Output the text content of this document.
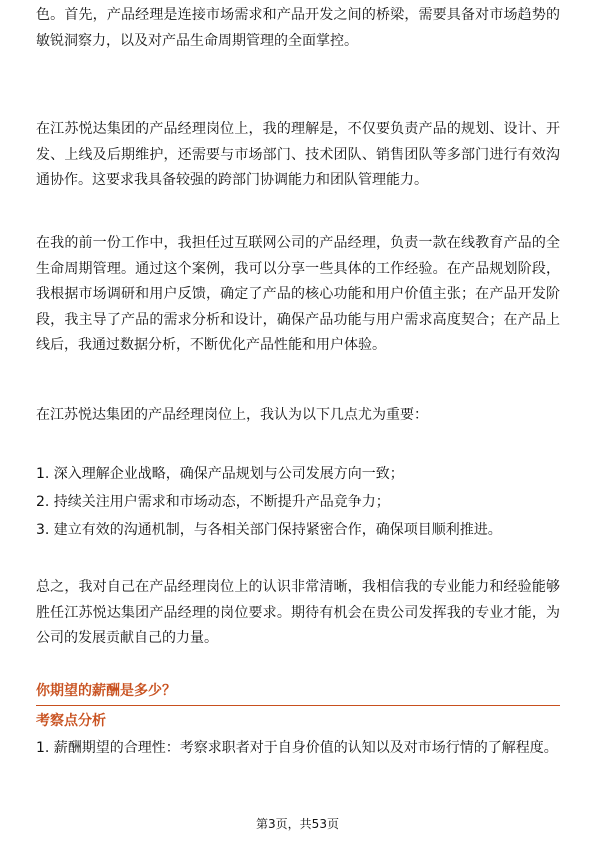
色。首先，产品经理是连接市场需求和产品开发之间的桥梁，需要具备对市场趋势的敏锐洞察力，以及对产品生命周期管理的全面掌控。

在江苏悦达集团的产品经理岗位上，我的理解是，不仅要负责产品的规划、设计、开发、上线及后期维护，还需要与市场部门、技术团队、销售团队等多部门进行有效沟通协作。这要求我具备较强的跨部门协调能力和团队管理能力。

在我的前一份工作中，我担任过互联网公司的产品经理，负责一款在线教育产品的全生命周期管理。通过这个案例，我可以分享一些具体的工作经验。在产品规划阶段，我根据市场调研和用户反馈，确定了产品的核心功能和用户价值主张；在产品开发阶段，我主导了产品的需求分析和设计，确保产品功能与用户需求高度契合；在产品上线后，我通过数据分析，不断优化产品性能和用户体验。

在江苏悦达集团的产品经理岗位上，我认为以下几点尤为重要：

1. 深入理解企业战略，确保产品规划与公司发展方向一致；
2. 持续关注用户需求和市场动态，不断提升产品竞争力；
3. 建立有效的沟通机制，与各相关部门保持紧密合作，确保项目顺利推进。

总之，我对自己在产品经理岗位上的认识非常清晰，我相信我的专业能力和经验能够胜任江苏悦达集团产品经理的岗位要求。期待有机会在贵公司发挥我的专业才能，为公司的发展贡献自己的力量。

你期望的薪酬是多少？
考察点分析

1. 薪酬期望的合理性：考察求职者对于自身价值的认知以及对市场行情的了解程度。

第3页，共53页
